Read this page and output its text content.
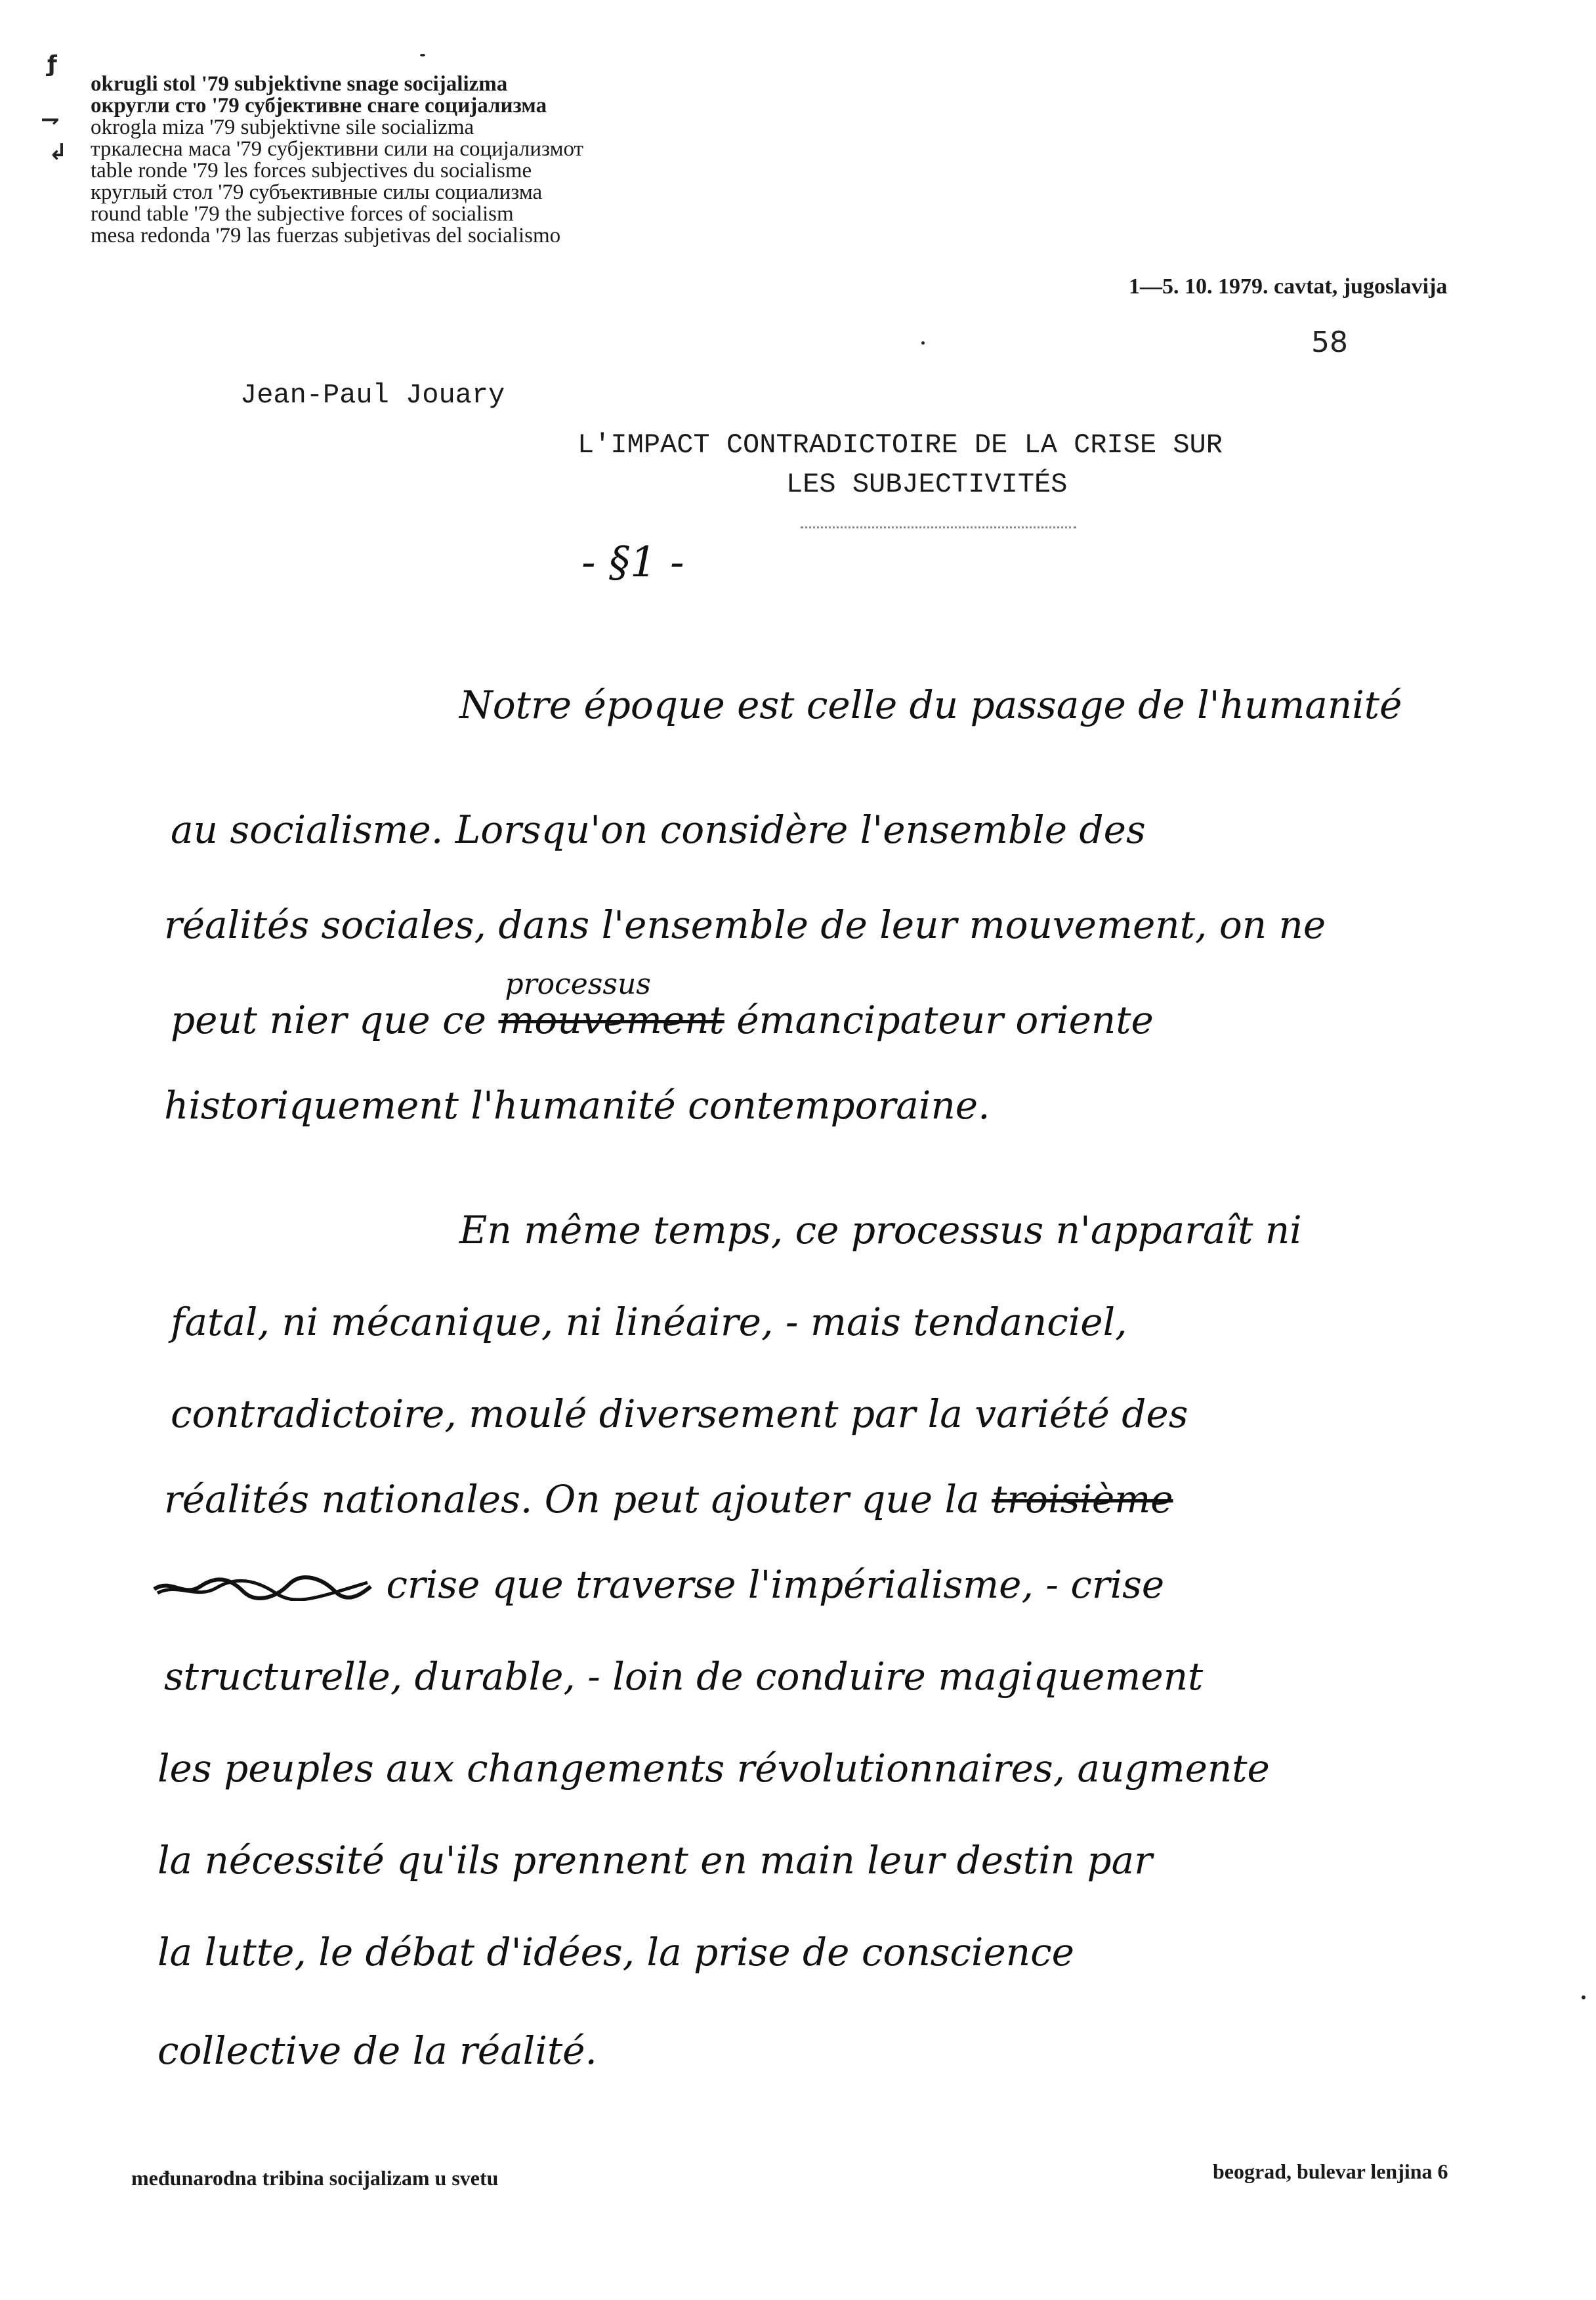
ƒ
⇁
↲
okrugli stol '79 subjektivne snage socijalizma
округли стo '79 субјективне снаге социјализма
okrogla miza '79 subjektivne sile socializma
тркалесна маса '79 субјективни сили на социјализмот
table ronde '79 les forces subjectives du socialisme
круглый стол '79 субъективные силы социализма
round table '79 the subjective forces of socialism
mesa redonda '79 las fuerzas subjetivas del socialismo
1—5. 10. 1979. cavtat, jugoslavija
58
Jean-Paul Jouary
L'IMPACT CONTRADICTOIRE DE LA CRISE SUR
LES SUBJECTIVITÉS
- §1 -
Notre époque est celle du passage de l'humanité
au socialisme. Lorsqu'on considère l'ensemble des
réalités sociales, dans l'ensemble de leur mouvement, on ne
peut nier que ce
processus
mouvement émancipateur oriente
historiquement l'humanité contemporaine.
En même temps, ce processus n'apparaît ni
fatal, ni mécanique, ni linéaire, - mais tendanciel,
contradictoire, moulé diversement par la variété des
réalités nationales. On peut ajouter que la troisième
crise que traverse l'impérialisme, - crise
structurelle, durable, - loin de conduire magiquement
les peuples aux changements révolutionnaires, augmente
la nécessité qu'ils prennent en main leur destin par
la lutte, le débat d'idées, la prise de conscience
collective de la réalité.
međunarodna tribina socijalizam u svetu	beograd, bulevar lenjina 6
